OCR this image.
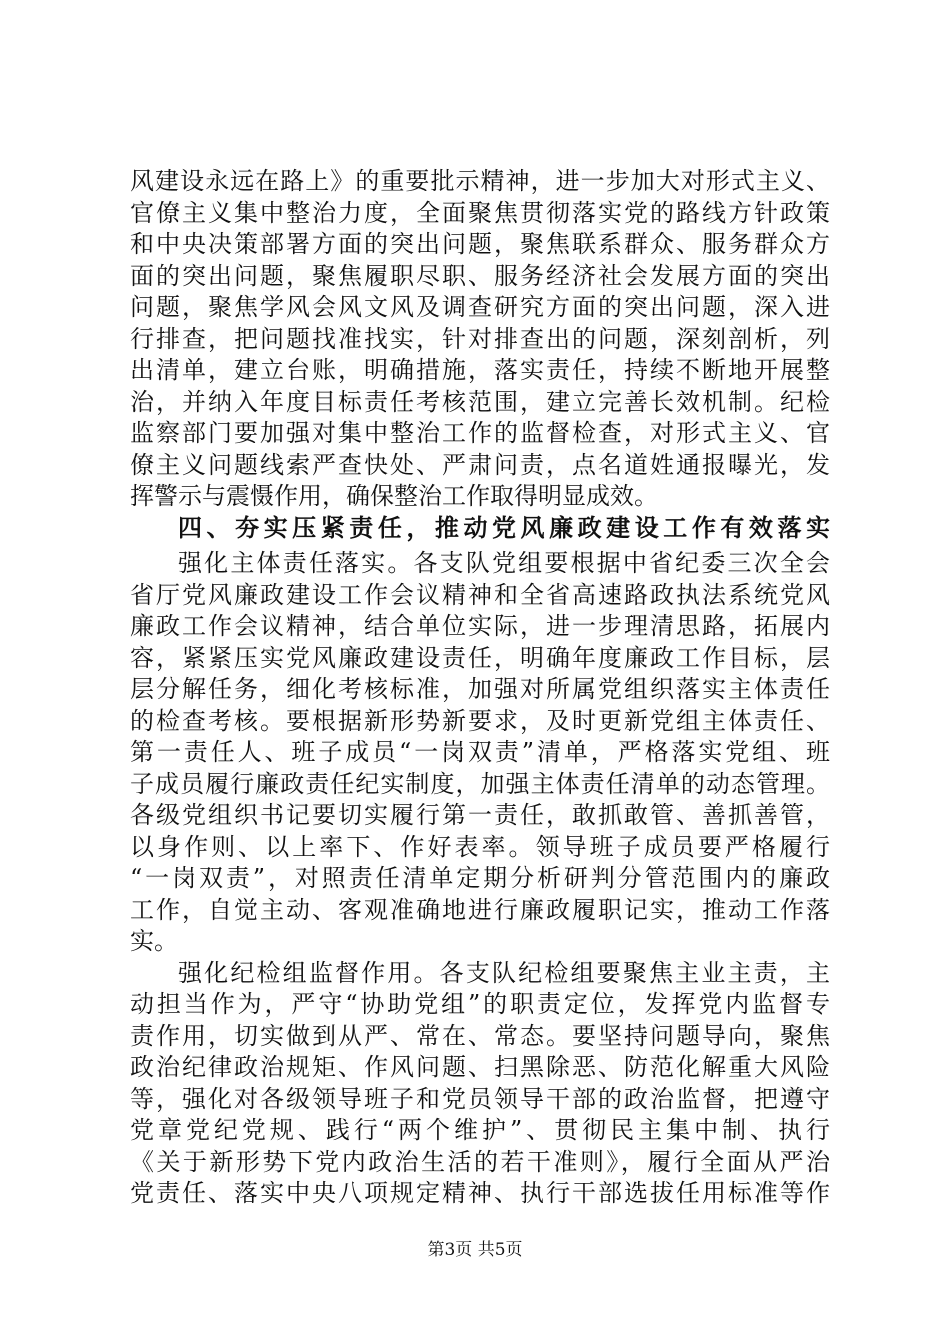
风建设永远在路上》的重要批示精神，进一步加大对形式主义、
官僚主义集中整治力度，全面聚焦贯彻落实党的路线方针政策
和中央决策部署方面的突出问题，聚焦联系群众、服务群众方
面的突出问题，聚焦履职尽职、服务经济社会发展方面的突出
问题，聚焦学风会风文风及调查研究方面的突出问题，深入进
行排查，把问题找准找实，针对排查出的问题，深刻剖析，列
出清单，建立台账，明确措施，落实责任，持续不断地开展整
治，并纳入年度目标责任考核范围，建立完善长效机制。纪检
监察部门要加强对集中整治工作的监督检查，对形式主义、官
僚主义问题线索严查快处、严肃问责，点名道姓通报曝光，发
挥警示与震慑作用，确保整治工作取得明显成效。
四、夯实压紧责任，推动党风廉政建设工作有效落实
强化主体责任落实。各支队党组要根据中省纪委三次全会
省厅党风廉政建设工作会议精神和全省高速路政执法系统党风
廉政工作会议精神，结合单位实际，进一步理清思路，拓展内
容，紧紧压实党风廉政建设责任，明确年度廉政工作目标，层
层分解任务，细化考核标准，加强对所属党组织落实主体责任
的检查考核。要根据新形势新要求，及时更新党组主体责任、
第一责任人、班子成员“一岗双责”清单，严格落实党组、班
子成员履行廉政责任纪实制度，加强主体责任清单的动态管理。
各级党组织书记要切实履行第一责任，敢抓敢管、善抓善管，
以身作则、以上率下、作好表率。领导班子成员要严格履行
“一岗双责”，对照责任清单定期分析研判分管范围内的廉政
工作，自觉主动、客观准确地进行廉政履职记实，推动工作落
实。
强化纪检组监督作用。各支队纪检组要聚焦主业主责，主
动担当作为，严守“协助党组”的职责定位，发挥党内监督专
责作用，切实做到从严、常在、常态。要坚持问题导向，聚焦
政治纪律政治规矩、作风问题、扫黑除恶、防范化解重大风险
等，强化对各级领导班子和党员领导干部的政治监督，把遵守
党章党纪党规、践行“两个维护”、贯彻民主集中制、执行
《关于新形势下党内政治生活的若干准则》，履行全面从严治
党责任、落实中央八项规定精神、执行干部选拔任用标准等作
第3页 共5页
